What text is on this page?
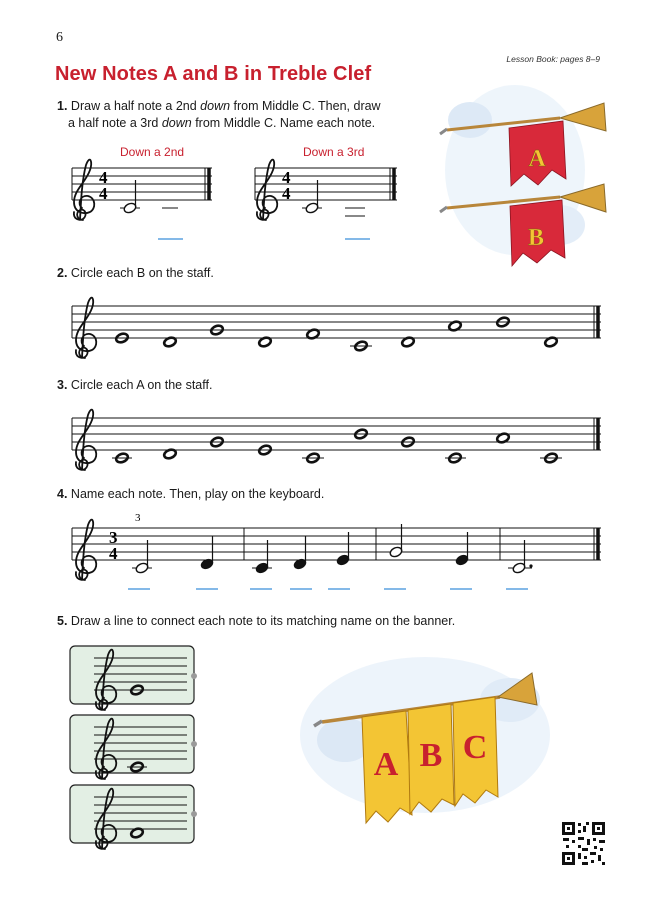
6
Lesson Book: pages 8–9
New Notes A and B in Treble Clef
1. Draw a half note a 2nd down from Middle C. Then, draw
a half note a 3rd down from Middle C. Name each note.
Down a 2nd	Down a 3rd
2. Circle each B on the staff.
3. Circle each A on the staff.
4. Name each note. Then, play on the keyboard.
5. Draw a line to connect each note to its matching name on the banner.
4
4
4
4
3
4
3
A
B
A B C
